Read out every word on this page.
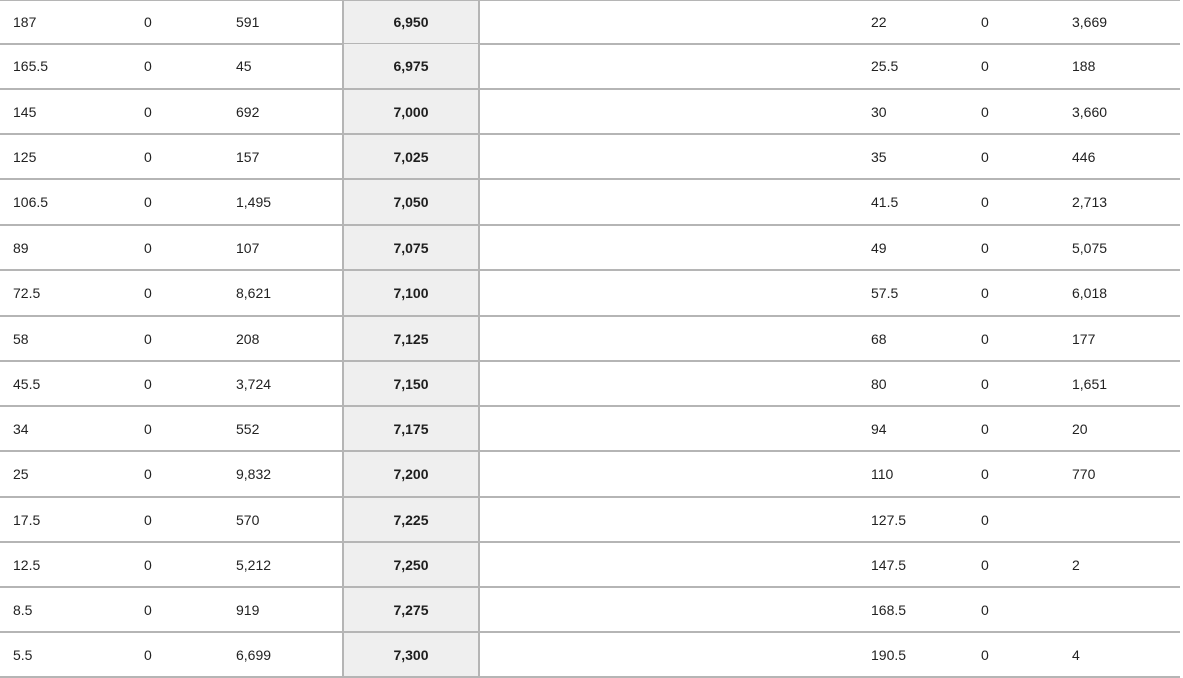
187	0	591	6,950	22	0	3,669
165.5	0	45	6,975	25.5	0	188
145	0	692	7,000	30	0	3,660
125	0	157	7,025	35	0	446
106.5	0	1,495	7,050	41.5	0	2,713
89	0	107	7,075	49	0	5,075
72.5	0	8,621	7,100	57.5	0	6,018
58	0	208	7,125	68	0	177
45.5	0	3,724	7,150	80	0	1,651
34	0	552	7,175	94	0	20
25	0	9,832	7,200	110	0	770
17.5	0	570	7,225	127.5	0
12.5	0	5,212	7,250	147.5	0	2
8.5	0	919	7,275	168.5	0
5.5	0	6,699	7,300	190.5	0	4
